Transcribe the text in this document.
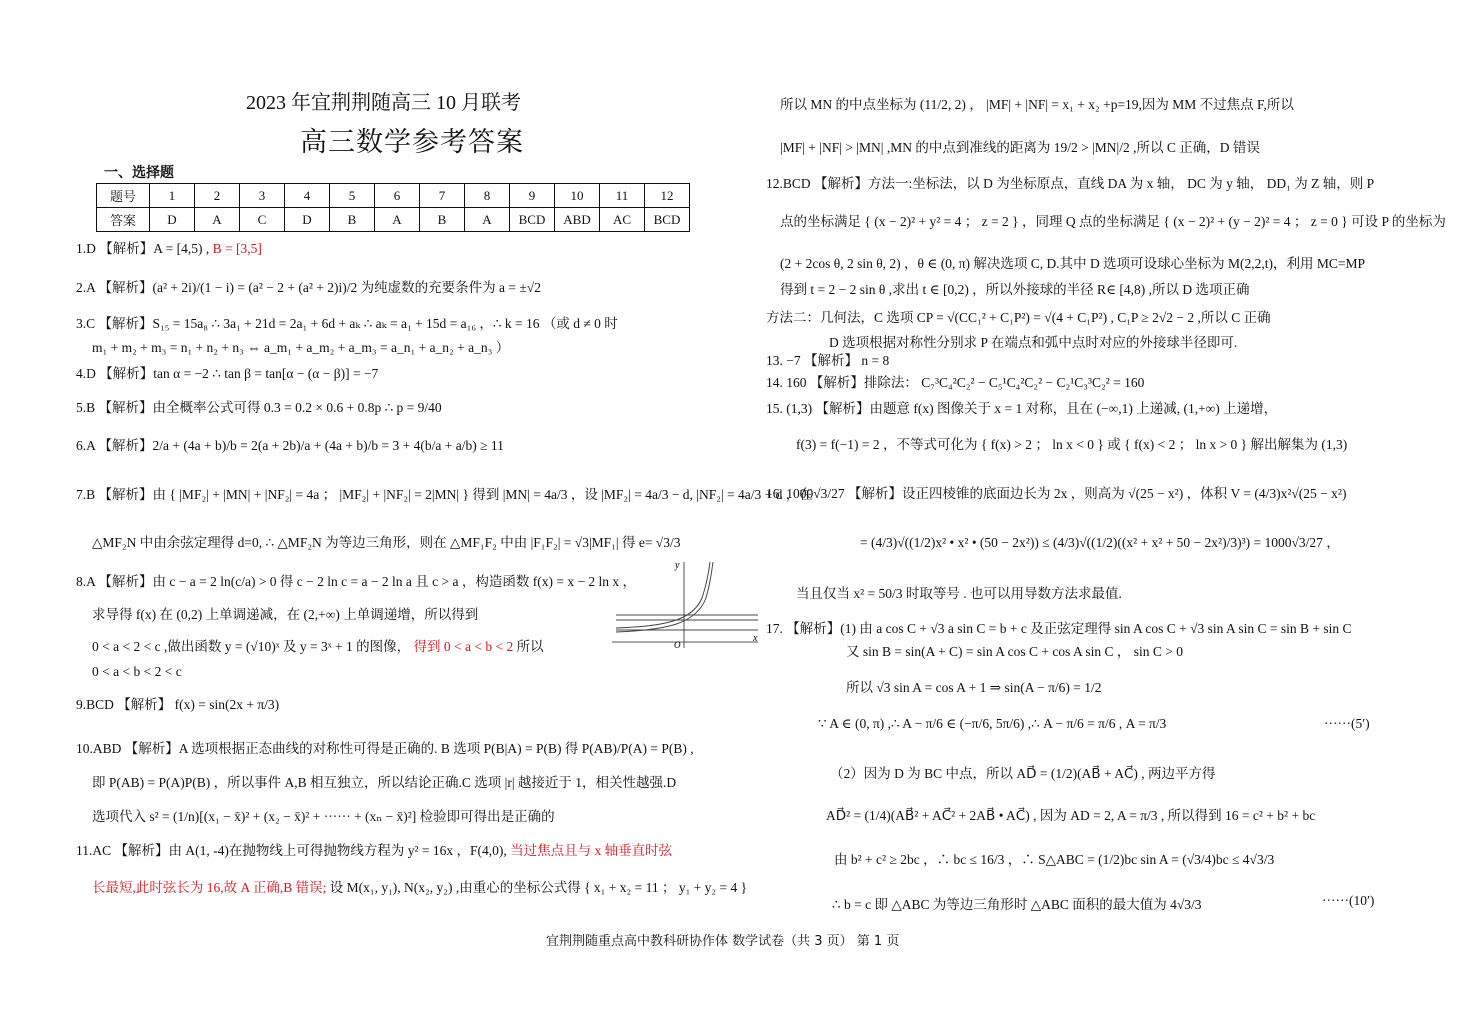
2023 年宜荆荆随高三 10 月联考
高三数学参考答案
一、选择题
题号	1	2	3	4	5	6	7	8	9	10	11	12
答案	D	A	C	D	B	A	B	A	BCD	ABD	AC	BCD
1.D 【解析】A = [4,5) , B = [3,5]
2.A 【解析】(a² + 2i)/(1 − i) = (a² − 2 + (a² + 2)i)/2 为纯虚数的充要条件为 a = ±√2
3.C 【解析】S₁₅ = 15a₈ ∴ 3a₁ + 21d = 2a₁ + 6d + aₖ ∴ aₖ = a₁ + 15d = a₁₆ ，∴ k = 16 （或 d ≠ 0 时
m₁ + m₂ + m₃ = n₁ + n₂ + n₃ ⇔ a_m₁ + a_m₂ + a_m₃ = a_n₁ + a_n₂ + a_n₃ ）
4.D 【解析】tan α = −2 ∴ tan β = tan[α − (α − β)] = −7
5.B 【解析】由全概率公式可得 0.3 = 0.2 × 0.6 + 0.8p ∴ p = 9/40
6.A 【解析】2/a + (4a + b)/b = 2(a + 2b)/a + (4a + b)/b = 3 + 4(b/a + a/b) ≥ 11
7.B 【解析】由 { |MF₂| + |MN| + |NF₂| = 4a ； |MF₂| + |NF₂| = 2|MN| } 得到 |MN| = 4a/3 ，设 |MF₂| = 4a/3 − d, |NF₂| = 4a/3 + d ，在
△MF₂N 中由余弦定理得 d=0, ∴ △MF₂N 为等边三角形，则在 △MF₁F₂ 中由 |F₁F₂| = √3|MF₁| 得 e= √3/3
8.A 【解析】由 c − a = 2 ln(c/a) > 0 得 c − 2 ln c = a − 2 ln a 且 c > a ，构造函数 f(x) = x − 2 ln x ，
求导得 f(x) 在 (0,2) 上单调递减，在 (2,+∞) 上单调递增，所以得到
0 < a < 2 < c ,做出函数 y = (√10)ˣ 及 y = 3ˣ + 1 的图像， 得到 0 < a < b < 2 所以
0 < a < b < 2 < c
y
x
O
9.BCD 【解析】 f(x) = sin(2x + π/3)
10.ABD 【解析】A 选项根据正态曲线的对称性可得是正确的. B 选项 P(B|A) = P(B) 得 P(AB)/P(A) = P(B) ,
即 P(AB) = P(A)P(B) ，所以事件 A,B 相互独立，所以结论正确.C 选项 |r| 越接近于 1，相关性越强.D
选项代入 s² = (1/n)[(x₁ − x̄)² + (x₂ − x̄)² + ······ + (xₙ − x̄)²] 检验即可得出是正确的
11.AC 【解析】由 A(1, -4)在抛物线上可得抛物线方程为 y² = 16x ，F(4,0), 当过焦点且与 x 轴垂直时弦
长最短,此时弦长为 16,故 A 正确,B 错误; 设 M(x₁, y₁), N(x₂, y₂) ,由重心的坐标公式得 { x₁ + x₂ = 11 ； y₁ + y₂ = 4 }
所以 MN 的中点坐标为 (11/2, 2) ， |MF| + |NF| = x₁ + x₂ +p=19,因为 MM 不过焦点 F,所以
|MF| + |NF| > |MN| ,MN 的中点到准线的距离为 19/2 > |MN|/2 ,所以 C 正确，D 错误
12.BCD 【解析】方法一:坐标法，以 D 为坐标原点，直线 DA 为 x 轴， DC 为 y 轴， DD₁ 为 Z 轴，则 P
点的坐标满足 { (x − 2)² + y² = 4 ； z = 2 } ，同理 Q 点的坐标满足 { (x − 2)² + (y − 2)² = 4 ； z = 0 } 可设 P 的坐标为
(2 + 2cos θ, 2 sin θ, 2) ，θ ∈ (0, π) 解决选项 C, D.其中 D 选项可设球心坐标为 M(2,2,t)，利用 MC=MP
得到 t = 2 − 2 sin θ ,求出 t ∈ [0,2) ，所以外接球的半径 R∈ [4,8) ,所以 D 选项正确
方法二：几何法，C 选项 CP = √(CC₁² + C₁P²) = √(4 + C₁P²) , C₁P ≥ 2√2 − 2 ,所以 C 正确
D 选项根据对称性分别求 P 在端点和弧中点时对应的外接球半径即可.
13. −7 【解析】 n = 8
14. 160 【解析】排除法： C₇³C₄²C₂² − C₅¹C₄²C₂² − C₂¹C₃³C₂² = 160
15. (1,3) 【解析】由题意 f(x) 图像关于 x = 1 对称，且在 (−∞,1) 上递减, (1,+∞) 上递增，
f(3) = f(−1) = 2 ，不等式可化为 { f(x) > 2 ； ln x < 0 } 或 { f(x) < 2 ； ln x > 0 } 解出解集为 (1,3)
16. 1000√3/27 【解析】设正四棱锥的底面边长为 2x ，则高为 √(25 − x²) ，体积 V = (4/3)x²√(25 − x²)
= (4/3)√((1/2)x² • x² • (50 − 2x²)) ≤ (4/3)√((1/2)((x² + x² + 50 − 2x²)/3)³) = 1000√3/27 ，
当且仅当 x² = 50/3 时取等号 . 也可以用导数方法求最值.
17. 【解析】(1) 由 a cos C + √3 a sin C = b + c 及正弦定理得 sin A cos C + √3 sin A sin C = sin B + sin C
又 sin B = sin(A + C) = sin A cos C + cos A sin C ， sin C > 0
所以 √3 sin A = cos A + 1 ⇒ sin(A − π/6) = 1/2
∵ A ∈ (0, π) ,∴ A − π/6 ∈ (−π/6, 5π/6) ,∴ A − π/6 = π/6 , A = π/3	······(5′)
（2）因为 D 为 BC 中点，所以 AD⃗ = (1/2)(AB⃗ + AC⃗) , 两边平方得
AD⃗² = (1/4)(AB⃗² + AC⃗² + 2AB⃗ • AC⃗) , 因为 AD = 2, A = π/3 , 所以得到 16 = c² + b² + bc
由 b² + c² ≥ 2bc ，∴ bc ≤ 16/3 ，∴ S△ABC = (1/2)bc sin A = (√3/4)bc ≤ 4√3/3
∴ b = c 即 △ABC 为等边三角形时 △ABC 面积的最大值为 4√3/3	······(10′)
宜荆荆随重点高中教科研协作体 数学试卷（共 3 页） 第 1 页
